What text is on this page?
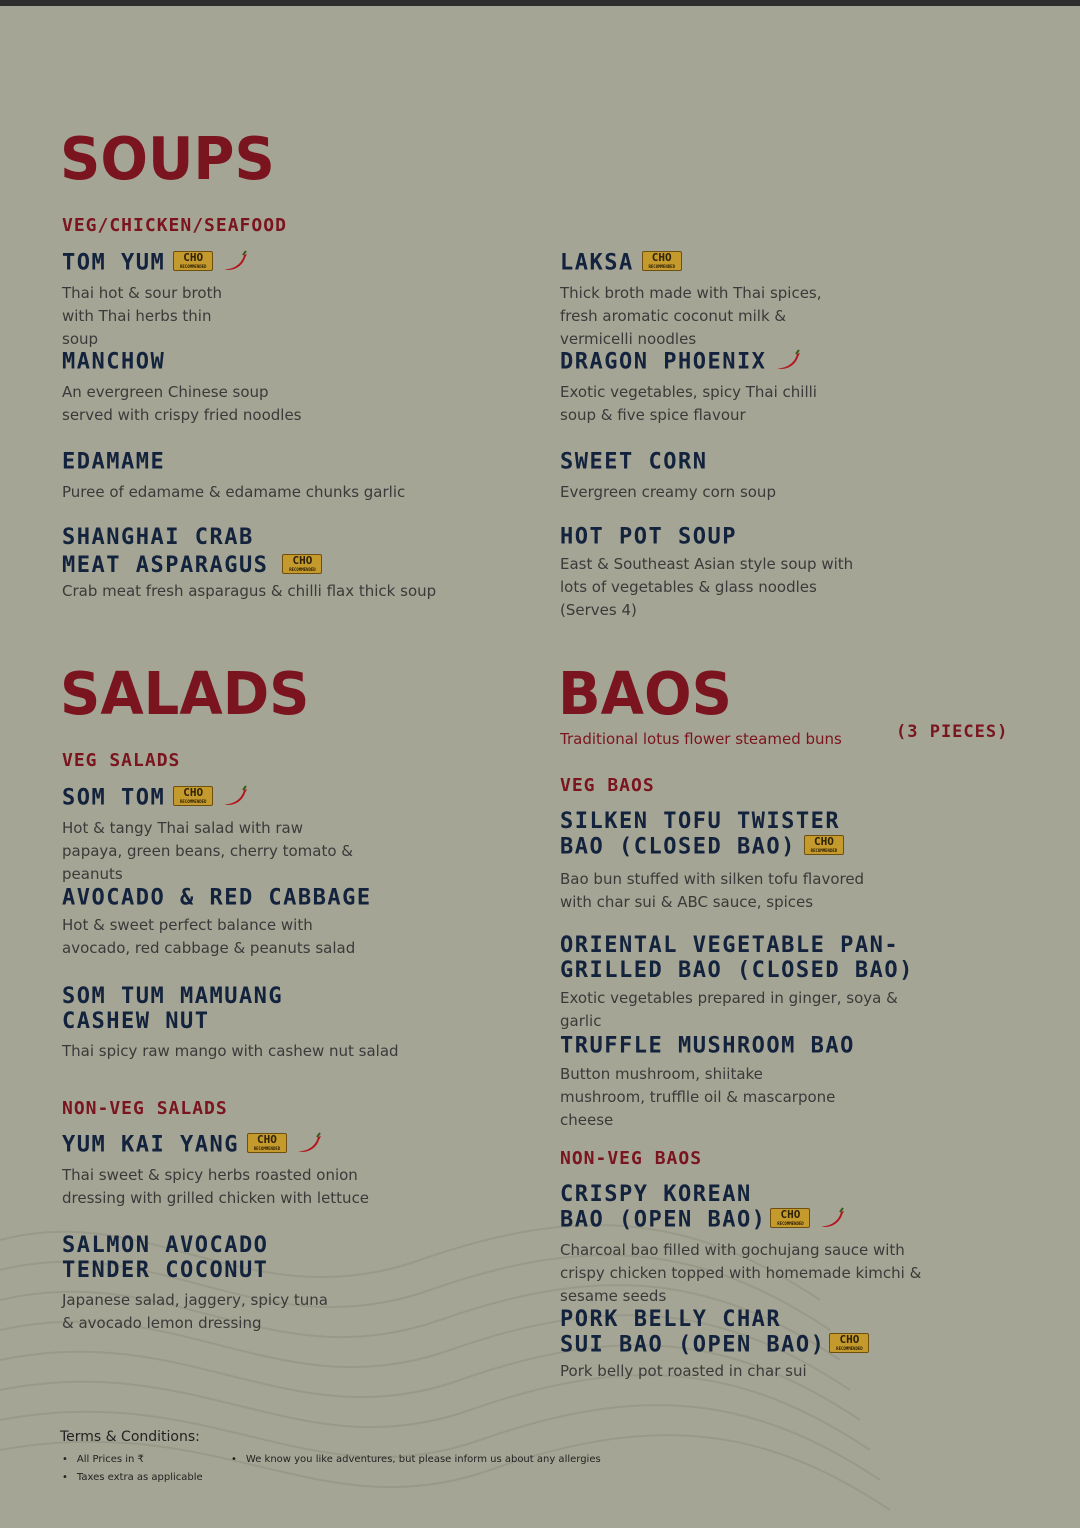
SOUPS
VEG/CHICKEN/SEAFOOD
TOM YUM	CHO
RECOMMENDED

Thai hot & sour broth with Thai herbs thin soup

LAKSA	CHO
RECOMMENDED

Thick broth made with Thai spices, fresh aromatic coconut milk & vermicelli noodles

MANCHOW

An evergreen Chinese soup served with crispy fried noodles

DRAGON PHOENIX

Exotic vegetables, spicy Thai chilli soup & five spice flavour

EDAMAME

Puree of edamame & edamame chunks garlic

SWEET CORN

Evergreen creamy corn soup

SHANGHAI CRAB
MEAT ASPARAGUS	CHO
RECOMMENDED

Crab meat fresh asparagus & chilli flax thick soup

HOT POT SOUP

East & Southeast Asian style soup with lots of vegetables & glass noodles (Serves 4)

SALADS
VEG SALADS
SOM TOM	CHO
RECOMMENDED

Hot & tangy Thai salad with raw papaya, green beans, cherry tomato & peanuts

AVOCADO & RED CABBAGE

Hot & sweet perfect balance with avocado, red cabbage & peanuts salad

SOM TUM MAMUANG
CASHEW NUT

Thai spicy raw mango with cashew nut salad

NON-VEG SALADS
YUM KAI YANG	CHO
RECOMMENDED

Thai sweet & spicy herbs roasted onion dressing with grilled chicken with lettuce

SALMON AVOCADO
TENDER COCONUT

Japanese salad, jaggery, spicy tuna & avocado lemon dressing

BAOS

Traditional lotus flower steamed buns	(3 PIECES)

VEG BAOS
SILKEN TOFU TWISTER
BAO (CLOSED BAO)	CHO
RECOMMENDED

Bao bun stuffed with silken tofu flavored with char sui & ABC sauce, spices

ORIENTAL VEGETABLE PAN-
GRILLED BAO (CLOSED BAO)

Exotic vegetables prepared in ginger, soya & garlic

TRUFFLE MUSHROOM BAO

Button mushroom, shiitake mushroom, trufflle oil & mascarpone cheese

NON-VEG BAOS
CRISPY KOREAN
BAO (OPEN BAO)	CHO
RECOMMENDED

Charcoal bao filled with gochujang sauce with crispy chicken topped with homemade kimchi & sesame seeds

PORK BELLY CHAR
SUI BAO (OPEN BAO)	CHO
RECOMMENDED

Pork belly pot roasted in char sui

Terms & Conditions:

• All Prices in ₹

• Taxes extra as applicable

• We know you like adventures, but please inform us about any allergies
